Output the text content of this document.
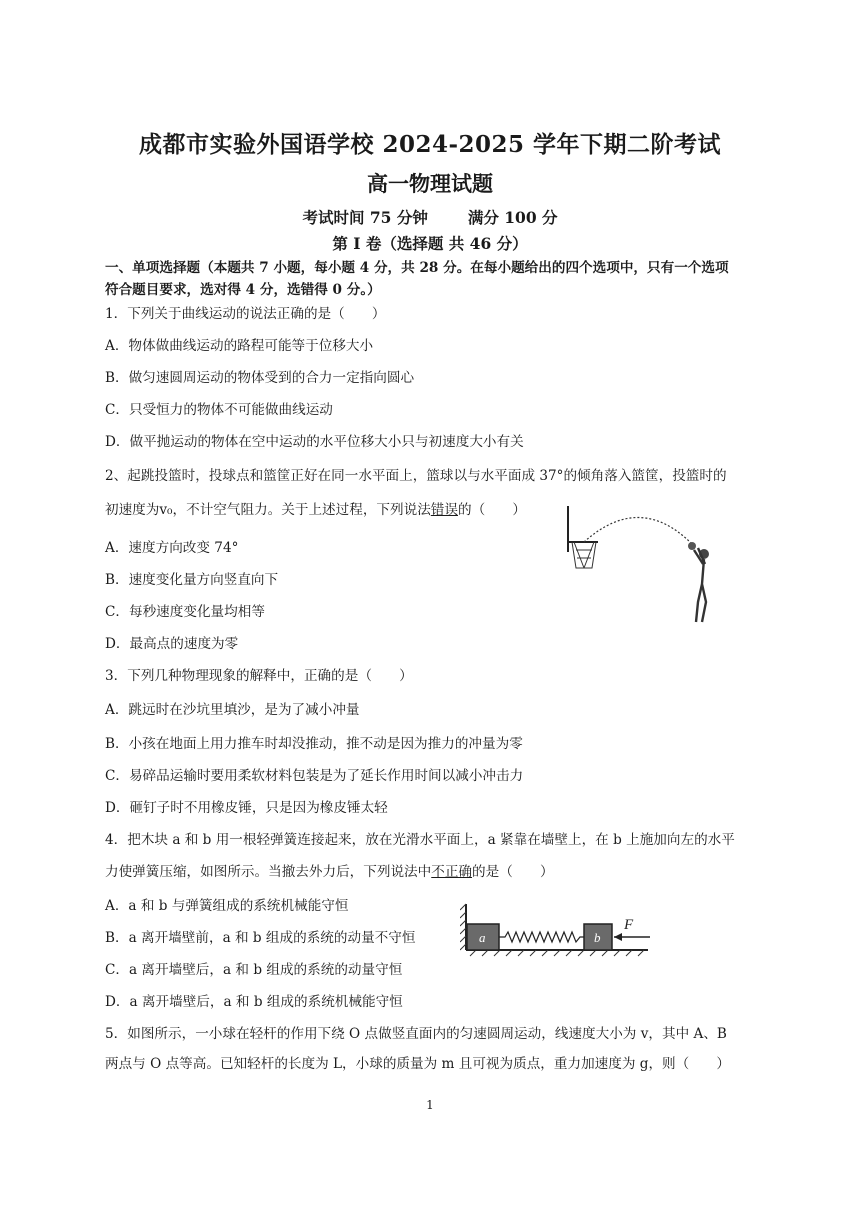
成都市实验外国语学校 2024-2025 学年下期二阶考试
高一物理试题
考试时间 75 分钟	满分 100 分
第 I 卷（选择题 共 46 分）
一、单项选择题（本题共 7 小题，每小题 4 分，共 28 分。在每小题给出的四个选项中，只有一个选项
符合题目要求，选对得 4 分，选错得 0 分。）
1．下列关于曲线运动的说法正确的是（　　）
A．物体做曲线运动的路程可能等于位移大小
B．做匀速圆周运动的物体受到的合力一定指向圆心
C．只受恒力的物体不可能做曲线运动
D．做平抛运动的物体在空中运动的水平位移大小只与初速度大小有关
2、起跳投篮时，投球点和篮筐正好在同一水平面上，篮球以与水平面成 37°的倾角落入篮筐，投篮时的
初速度为v₀，不计空气阻力。关于上述过程，下列说法错误的（　　）
A．速度方向改变 74°
B．速度变化量方向竖直向下
C．每秒速度变化量均相等
D．最高点的速度为零
3．下列几种物理现象的解释中，正确的是（　　）
A．跳远时在沙坑里填沙，是为了减小冲量
B．小孩在地面上用力推车时却没推动，推不动是因为推力的冲量为零
C．易碎品运输时要用柔软材料包装是为了延长作用时间以减小冲击力
D．砸钉子时不用橡皮锤，只是因为橡皮锤太轻
4．把木块 a 和 b 用一根轻弹簧连接起来，放在光滑水平面上，a 紧靠在墙壁上，在 b 上施加向左的水平
力使弹簧压缩，如图所示。当撤去外力后，下列说法中不正确的是（　　）
A．a 和 b 与弹簧组成的系统机械能守恒
B．a 离开墙壁前，a 和 b 组成的系统的动量不守恒
C．a 离开墙壁后，a 和 b 组成的系统的动量守恒
D．a 离开墙壁后，a 和 b 组成的系统机械能守恒
a	b
F
5．如图所示，一小球在轻杆的作用下绕 O 点做竖直面内的匀速圆周运动，线速度大小为 v，其中 A、B
两点与 O 点等高。已知轻杆的长度为 L，小球的质量为 m 且可视为质点，重力加速度为 g，则（　　）
1
